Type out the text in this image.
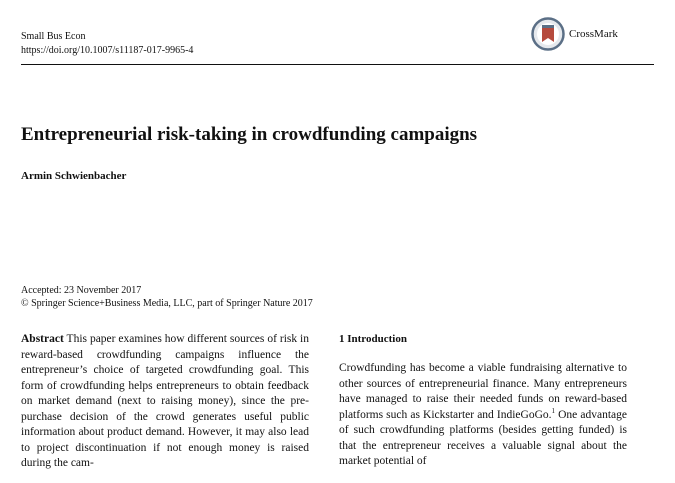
Small Bus Econ
https://doi.org/10.1007/s11187-017-9965-4
CrossMark
Entrepreneurial risk-taking in crowdfunding campaigns
Armin Schwienbacher
Accepted: 23 November 2017
© Springer Science+Business Media, LLC, part of Springer Nature 2017

Abstract This paper examines how different sources of risk in reward-based crowdfunding campaigns influence the entrepreneur’s choice of targeted crowdfunding goal. This form of crowdfunding helps entrepreneurs to obtain feedback on market demand (next to raising money), since the pre-purchase decision of the crowd generates useful public information about product demand. However, it may also lead to project discontinuation if not enough money is raised during the cam-

1 Introduction

Crowdfunding has become a viable fundraising alternative to other sources of entrepreneurial finance. Many entrepreneurs have managed to raise their needed funds on reward-based platforms such as Kickstarter and IndieGoGo.$^1$ One advantage of such crowdfunding platforms (besides getting funded) is that the entrepreneur receives a valuable signal about the market potential of
